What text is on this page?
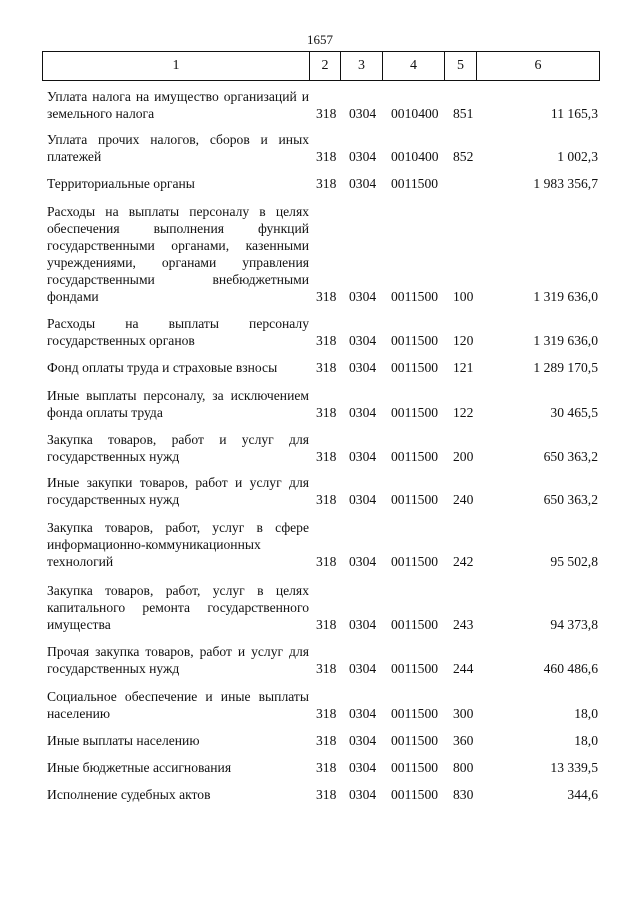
1657
1	2	3	4	5	6
Уплата налога на имущество организаций и земельного налога	318 0304 0010400 851	11 165,3
Уплата прочих налогов, сборов и иных платежей	318 0304 0010400 852	1 002,3
Территориальные органы	318 0304 0011500	1 983 356,7
Расходы на выплаты персоналу в целях обеспечения выполнения функций государственными органами, казенными учреждениями, органами управления государственными внебюджетными фондами	318 0304 0011500 100	1 319 636,0
Расходы на выплаты персоналу государственных органов	318 0304 0011500 120	1 319 636,0
Фонд оплаты труда и страховые взносы	318 0304 0011500 121	1 289 170,5
Иные выплаты персоналу, за исключением фонда оплаты труда	318 0304 0011500 122	30 465,5
Закупка товаров, работ и услуг для государственных нужд	318 0304 0011500 200	650 363,2
Иные закупки товаров, работ и услуг для государственных нужд	318 0304 0011500 240	650 363,2
Закупка товаров, работ, услуг в сфере информационно-коммуникационных технологий	318 0304 0011500 242	95 502,8
Закупка товаров, работ, услуг в целях капитального ремонта государственного имущества	318 0304 0011500 243	94 373,8
Прочая закупка товаров, работ и услуг для государственных нужд	318 0304 0011500 244	460 486,6
Социальное обеспечение и иные выплаты населению	318 0304 0011500 300	18,0
Иные выплаты населению	318 0304 0011500 360	18,0
Иные бюджетные ассигнования	318 0304 0011500 800	13 339,5
Исполнение судебных актов	318 0304 0011500 830	344,6
